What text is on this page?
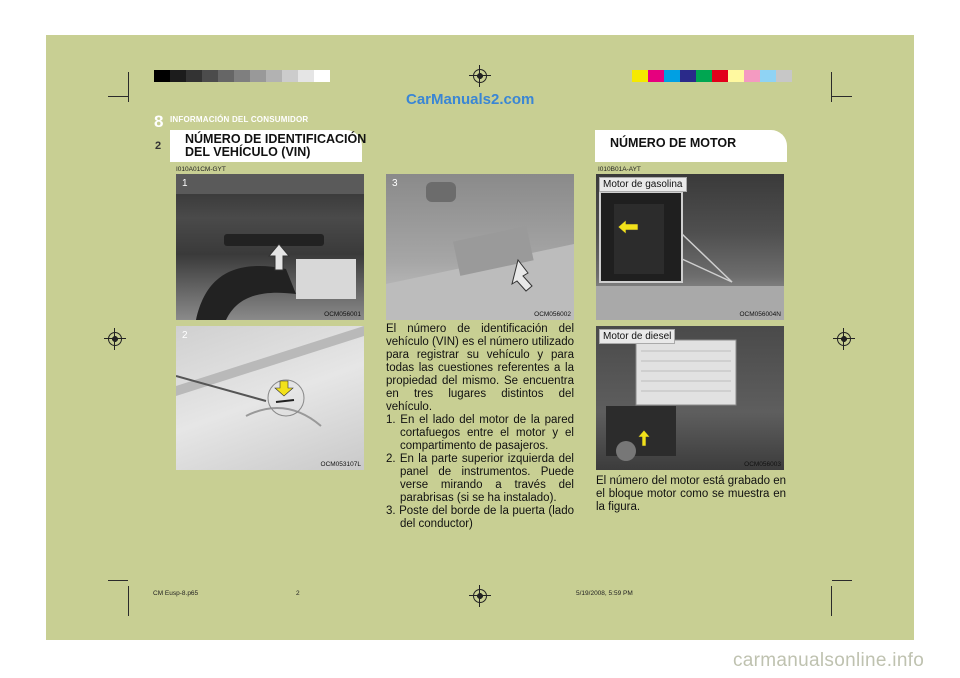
CarManuals2.com
8 INFORMACIÓN DEL CONSUMIDOR
2 NÚMERO DE IDENTIFICACIÓN
DEL VEHÍCULO (VIN)
NÚMERO DE MOTOR
I010A01CM-GYT	I010B01A-AYT
1
OCM056001
2
OCM053107L
3
OCM056002
El número de identificación del vehículo (VIN) es el número utilizado para registrar su vehículo y para todas las cuestiones referentes a la propiedad del mismo. Se encuentra en tres lugares distintos del vehículo.
1. En el lado del motor de la pared cortafuegos entre el motor y el compartimento de pasajeros.
2. En la parte superior izquierda del panel de instrumentos. Puede verse mirando a través del parabrisas (si se ha instalado).
3. Poste del borde de la puerta (lado del conductor)
Motor de gasolina
OCM056004N
Motor de diesel
OCM056003
El número del motor está grabado en el bloque motor como se muestra en la figura.
CM Eusp-8.p65	2	5/19/2008, 5:59 PM
carmanualsonline.info
